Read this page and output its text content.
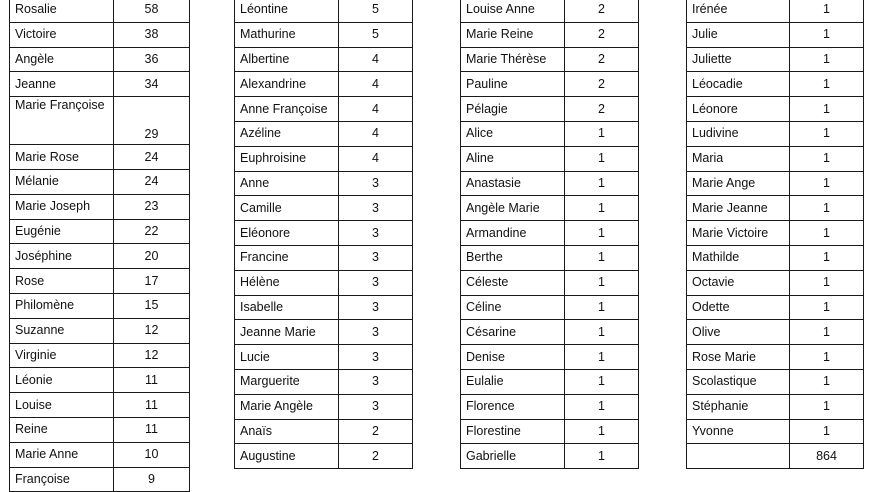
Rosalie	58
Victoire	38
Angèle	36
Jeanne	34
Marie Françoise	29
Marie Rose	24
Mélanie	24
Marie Joseph	23
Eugénie	22
Joséphine	20
Rose	17
Philomène	15
Suzanne	12
Virginie	12
Léonie	11
Louise	11
Reine	11
Marie Anne	10
Françoise	9
Léontine	5
Mathurine	5
Albertine	4
Alexandrine	4
Anne Françoise	4
Azéline	4
Euphroisine	4
Anne	3
Camille	3
Eléonore	3
Francine	3
Hélène	3
Isabelle	3
Jeanne Marie	3
Lucie	3
Marguerite	3
Marie Angèle	3
Anaïs	2
Augustine	2
Louise Anne	2
Marie Reine	2
Marie Thérèse	2
Pauline	2
Pélagie	2
Alice	1
Aline	1
Anastasie	1
Angèle Marie	1
Armandine	1
Berthe	1
Céleste	1
Céline	1
Césarine	1
Denise	1
Eulalie	1
Florence	1
Florestine	1
Gabrielle	1
Irénée	1
Julie	1
Juliette	1
Léocadie	1
Léonore	1
Ludivine	1
Maria	1
Marie Ange	1
Marie Jeanne	1
Marie Victoire	1
Mathilde	1
Octavie	1
Odette	1
Olive	1
Rose Marie	1
Scolastique	1
Stéphanie	1
Yvonne	1
	864
